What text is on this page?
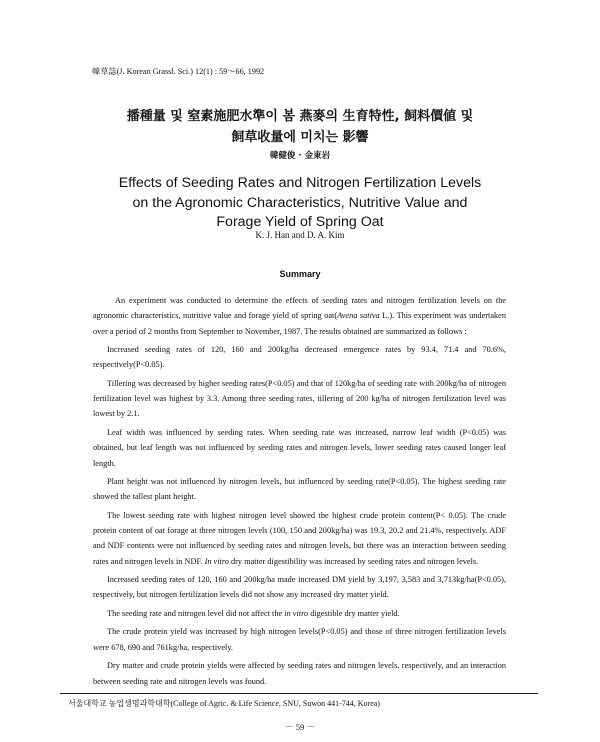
韓草誌(J. Korean Grassl. Sci.) 12(1) : 59～66, 1992
播種量 및 窒素施肥水準이 봄 燕麥의 生育特性, 飼料價値 및
飼草收量에 미치는 影響
韓健俊 · 金東岩
Effects of Seeding Rates and Nitrogen Fertilization Levels
on the Agronomic Characteristics, Nutritive Value and
Forage Yield of Spring Oat
K. J. Han and D. A. Kim
Summary

An experiment was conducted to determine the effects of seeding rates and nitrogen fertilization levels on the agronomic characteristics, nutritive value and forage yield of spring oat(Avena sativa L.). This experiment was undertaken over a period of 2 months from September to November, 1987. The results obtained are summarized as follows :

Increased seeding rates of 120, 160 and 200kg/ha decreased emergence rates by 93.4, 71.4 and 70.6%, respectively(P<0.05).

Tillering was decreased by higher seeding rates(P<0.05) and that of 120kg/ha of seeding rate with 200kg/ha of nitrogen fertilization level was highest by 3.3. Among three seeding rates, tillering of 200 kg/ha of nitrogen fertilization level was lowest by 2.1.

Leaf width was influenced by seeding rates. When seeding rate was increased, narrow leaf width (P<0.05) was obtained, but leaf length was not influenced by seeding rates and nitrogen levels, lower seeding rates caused longer leaf length.

Plant height was not influenced by nitrogen levels, but influenced by seeding rate(P<0.05). The highest seeding rate showed the tallest plant height.

The lowest seeding rate with highest nitrogen level showed the highest crude protein content(P< 0.05). The crude protein content of oat forage at three nitrogen levels (100, 150 and 200kg/ha) was 19.3, 20.2 and 21.4%, respectively. ADF and NDF contents were not influenced by seeding rates and nitrogen levels, but there was an interaction between seeding rates and nitrogen levels in NDF. In vitro dry matter digestibility was increased by seeding rates and nitrogen levels.

Increased seeding rates of 120, 160 and 200kg/ha made increased DM yield by 3,197, 3,583 and 3,713kg/ha(P<0.05), respectively, but nitrogen fertilization levels did not show any increased dry matter yield.

The seeding rate and nitrogen level did not affect the in vitro digestible dry matter yield.

The crude protein yield was increased by high nitrogen levels(P<0.05) and those of three nitrogen fertilization levels were 678, 690 and 761kg/ha, respectively.

Dry matter and crude protein yields were affected by seeding rates and nitrogen levels, respectively, and an interaction between seeding rate and nitrogen levels was found.

서울대학교 농업생명과학대학(College of Agric. & Life Science, SNU, Suwon 441-744, Korea)
－ 59 －
